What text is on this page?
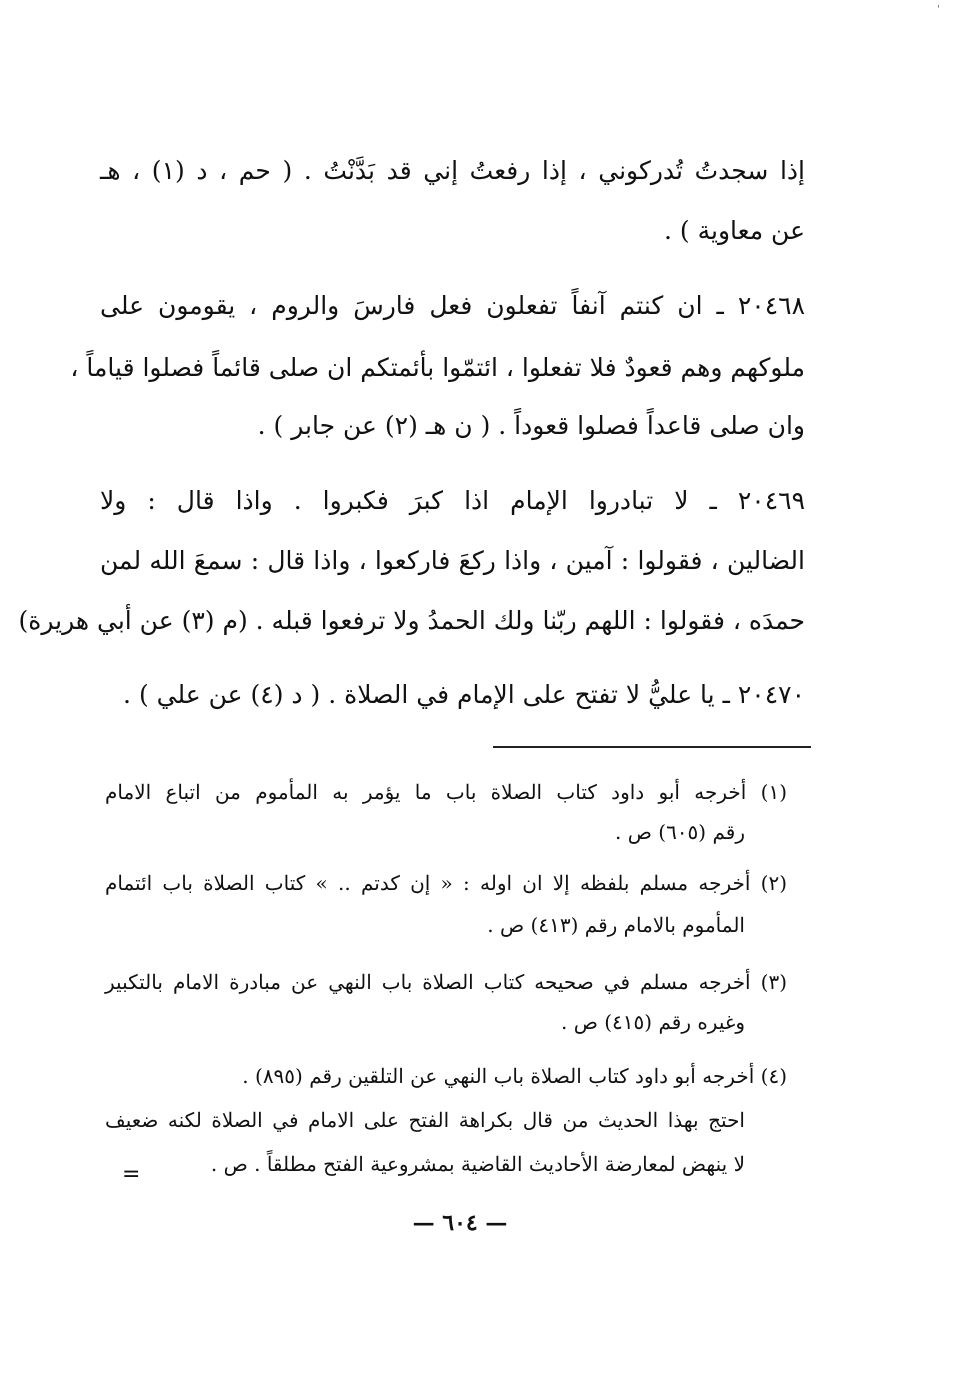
'
إذا سجدتُ تُدركوني ، إذا رفعتُ إني قد بَدَّنْتُ . ( حم ، د (١) ، هـ
عن معاوية ) .
٢٠٤٦٨ ـ ان كنتم آنفاً تفعلون فعل فارسَ والروم ، يقومون على
ملوكهم وهم قعودٌ فلا تفعلوا ، ائتمّوا بأئمتكم ان صلى قائماً فصلوا قياماً ،
وان صلى قاعداً فصلوا قعوداً . ( ن هـ (٢) عن جابر ) .
٢٠٤٦٩ ـ لا تبادروا الإمام اذا كبرَ فكبروا . واذا قال : ولا
الضالين ، فقولوا : آمين ، واذا ركعَ فاركعوا ، واذا قال : سمعَ الله لمن
حمدَه ، فقولوا : اللهم ربّنا ولك الحمدُ ولا ترفعوا قبله . (م (٣) عن أبي هريرة)
٢٠٤٧٠ ـ يا عليُّ لا تفتح على الإمام في الصلاة . ( د (٤) عن علي ) .
(١) أخرجه أبو داود كتاب الصلاة باب ما يؤمر به المأموم من اتباع الامام
رقم (٦٠٥) ص .
(٢) أخرجه مسلم بلفظه إلا ان اوله : « إن كدتم .. » كتاب الصلاة باب ائتمام
المأموم بالامام رقم (٤١٣) ص .
(٣) أخرجه مسلم في صحيحه كتاب الصلاة باب النهي عن مبادرة الامام بالتكبير
وغيره رقم (٤١٥) ص .
(٤) أخرجه أبو داود كتاب الصلاة باب النهي عن التلقين رقم (٨٩٥) .
احتج بهذا الحديث من قال بكراهة الفتح على الامام في الصلاة لكنه ضعيف
لا ينهض لمعارضة الأحاديث القاضية بمشروعية الفتح مطلقاً . ص .
=
— ٦٠٤ —
